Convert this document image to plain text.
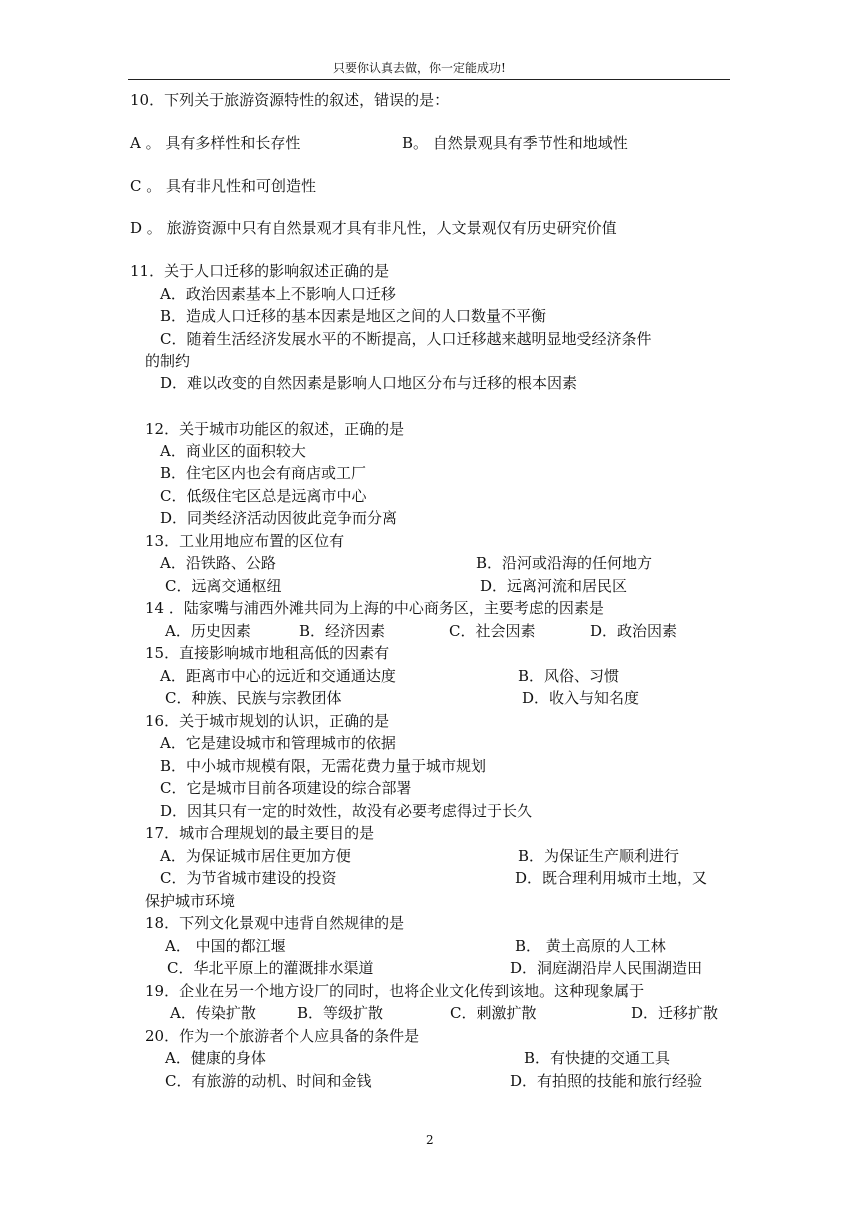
只要你认真去做，你一定能成功!
10．下列关于旅游资源特性的叙述，错误的是：
A 。 具有多样性和长存性	B。 自然景观具有季节性和地域性
C 。 具有非凡性和可创造性
D 。 旅游资源中只有自然景观才具有非凡性，人文景观仅有历史研究价值
11．关于人口迁移的影响叙述正确的是
A．政治因素基本上不影响人口迁移
B．造成人口迁移的基本因素是地区之间的人口数量不平衡
C．随着生活经济发展水平的不断提高，人口迁移越来越明显地受经济条件
的制约
D．难以改变的自然因素是影响人口地区分布与迁移的根本因素
12．关于城市功能区的叙述，正确的是
A．商业区的面积较大
B．住宅区内也会有商店或工厂
C．低级住宅区总是远离市中心
D．同类经济活动因彼此竞争而分离
13．工业用地应布置的区位有
A．沿铁路、公路	B．沿河或沿海的任何地方
C．远离交通枢纽	D．远离河流和居民区
14 ．陆家嘴与浦西外滩共同为上海的中心商务区，主要考虑的因素是
A．历史因素	B．经济因素	C．社会因素	D．政治因素
15．直接影响城市地租高低的因素有
A．距离市中心的远近和交通通达度	B．风俗、习惯
C．种族、民族与宗教团体	D．收入与知名度
16．关于城市规划的认识，正确的是
A．它是建设城市和管理城市的依据
B．中小城市规模有限，无需花费力量于城市规划
C．它是城市目前各项建设的综合部署
D．因其只有一定的时效性，故没有必要考虑得过于长久
17．城市合理规划的最主要目的是
A．为保证城市居住更加方便	B．为保证生产顺利进行
C．为节省城市建设的投资	D．既合理利用城市土地，又
保护城市环境
18．下列文化景观中违背自然规律的是
A． 中国的都江堰	B． 黄土高原的人工林
C．华北平原上的灌溉排水渠道	D．洞庭湖沿岸人民围湖造田
19．企业在另一个地方设厂的同时，也将企业文化传到该地。这种现象属于
A．传染扩散	B．等级扩散	C．刺激扩散	D．迁移扩散
20．作为一个旅游者个人应具备的条件是
A．健康的身体	B．有快捷的交通工具
C．有旅游的动机、时间和金钱	D．有拍照的技能和旅行经验
2
